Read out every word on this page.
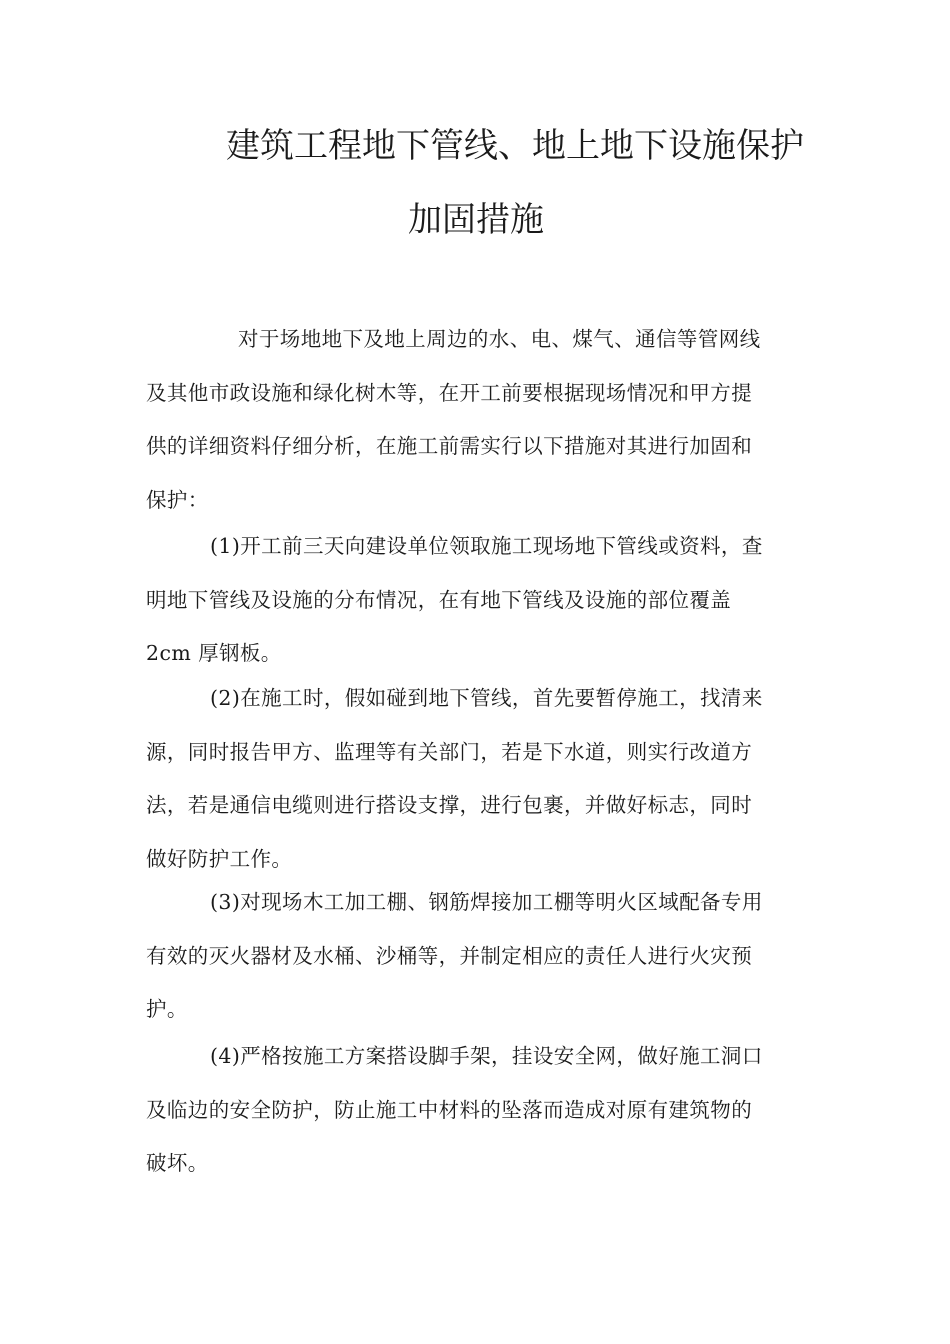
建筑工程地下管线、地上地下设施保护
加固措施
对于场地地下及地上周边的水、电、煤气、通信等管网线
及其他市政设施和绿化树木等，在开工前要根据现场情况和甲方提
供的详细资料仔细分析，在施工前需实行以下措施对其进行加固和
保护：
(1)开工前三天向建设单位领取施工现场地下管线或资料，查
明地下管线及设施的分布情况，在有地下管线及设施的部位覆盖
2cm 厚钢板。
(2)在施工时，假如碰到地下管线，首先要暂停施工，找清来
源，同时报告甲方、监理等有关部门，若是下水道，则实行改道方
法，若是通信电缆则进行搭设支撑，进行包裹，并做好标志，同时
做好防护工作。
(3)对现场木工加工棚、钢筋焊接加工棚等明火区域配备专用
有效的灭火器材及水桶、沙桶等，并制定相应的责任人进行火灾预
护。
(4)严格按施工方案搭设脚手架，挂设安全网，做好施工洞口
及临边的安全防护，防止施工中材料的坠落而造成对原有建筑物的
破坏。
